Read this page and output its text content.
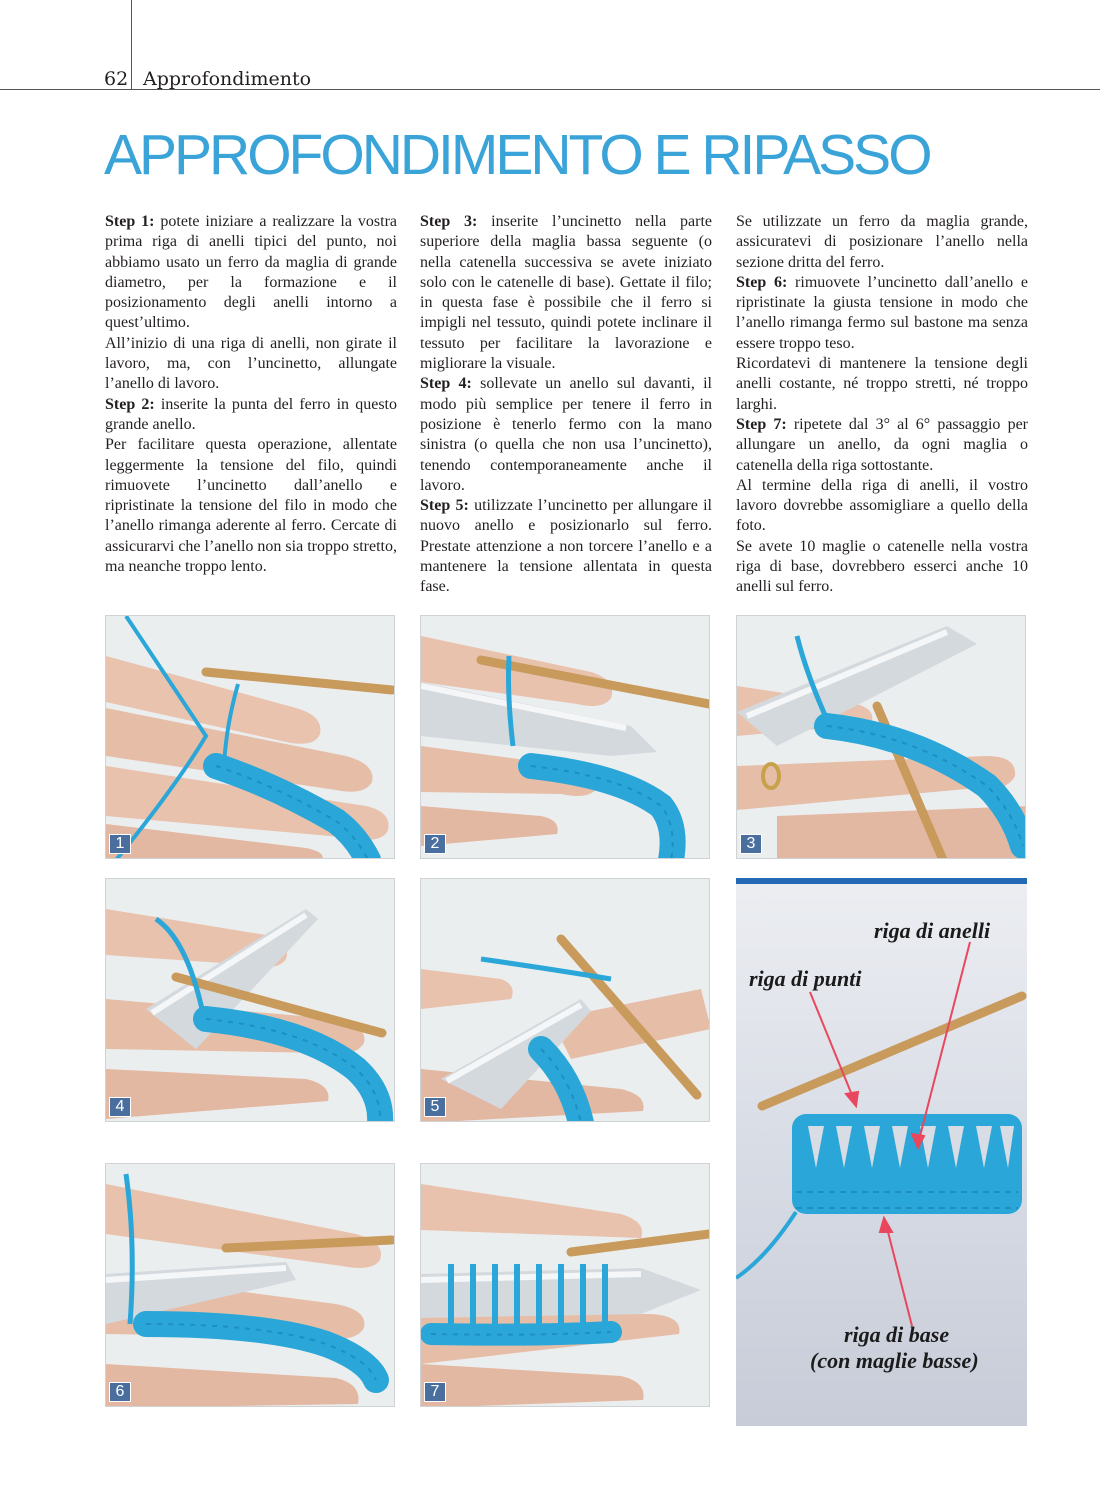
62 Approfondimento
APPROFONDIMENTO E RIPASSO

Step 1: potete iniziare a realizzare la vostra prima riga di anelli tipici del punto, noi abbiamo usato un ferro da maglia di grande diametro, per la formazione e il posizionamento degli anelli intorno a quest’ultimo.

All’inizio di una riga di anelli, non girate il lavoro, ma, con l’uncinetto, allungate l’anello di lavoro.

Step 2: inserite la punta del ferro in questo grande anello.

Per facilitare questa operazione, allentate leggermente la tensione del filo, quindi rimuovete l’uncinetto dall’anello e ripristinate la tensione del filo in modo che l’anello rimanga aderente al ferro. Cercate di assicurarvi che l’anello non sia troppo stretto, ma neanche troppo lento.

Step 3: inserite l’uncinetto nella parte superiore della maglia bassa seguente (o nella catenella successiva se avete iniziato solo con le catenelle di base). Gettate il filo; in questa fase è possibile che il ferro si impigli nel tessuto, quindi potete inclinare il tessuto per facilitare la lavorazione e migliorare la visuale.

Step 4: sollevate un anello sul davanti, il modo più semplice per tenere il ferro in posizione è tenerlo fermo con la mano sinistra (o quella che non usa l’uncinetto), tenendo contemporaneamente anche il lavoro.

Step 5: utilizzate l’uncinetto per allungare il nuovo anello e posizionarlo sul ferro. Prestate attenzione a non torcere l’anello e a mantenere la tensione allentata in questa fase.

Se utilizzate un ferro da maglia grande, assicuratevi di posizionare l’anello nella sezione dritta del ferro.

Step 6: rimuovete l’uncinetto dall’anello e ripristinate la giusta tensione in modo che l’anello rimanga fermo sul bastone ma senza essere troppo teso.

Ricordatevi di mantenere la tensione degli anelli costante, né troppo stretti, né troppo larghi.

Step 7: ripetete dal 3° al 6° passaggio per allungare un anello, da ogni maglia o catenella della riga sottostante.

Al termine della riga di anelli, il vostro lavoro dovrebbe assomigliare a quello della foto.

Se avete 10 maglie o catenelle nella vostra riga di base, dovrebbero esserci anche 10 anelli sul ferro.

1	2	3
4	5
6	7
riga di anelli
riga di punti
riga di base
(con maglie basse)
